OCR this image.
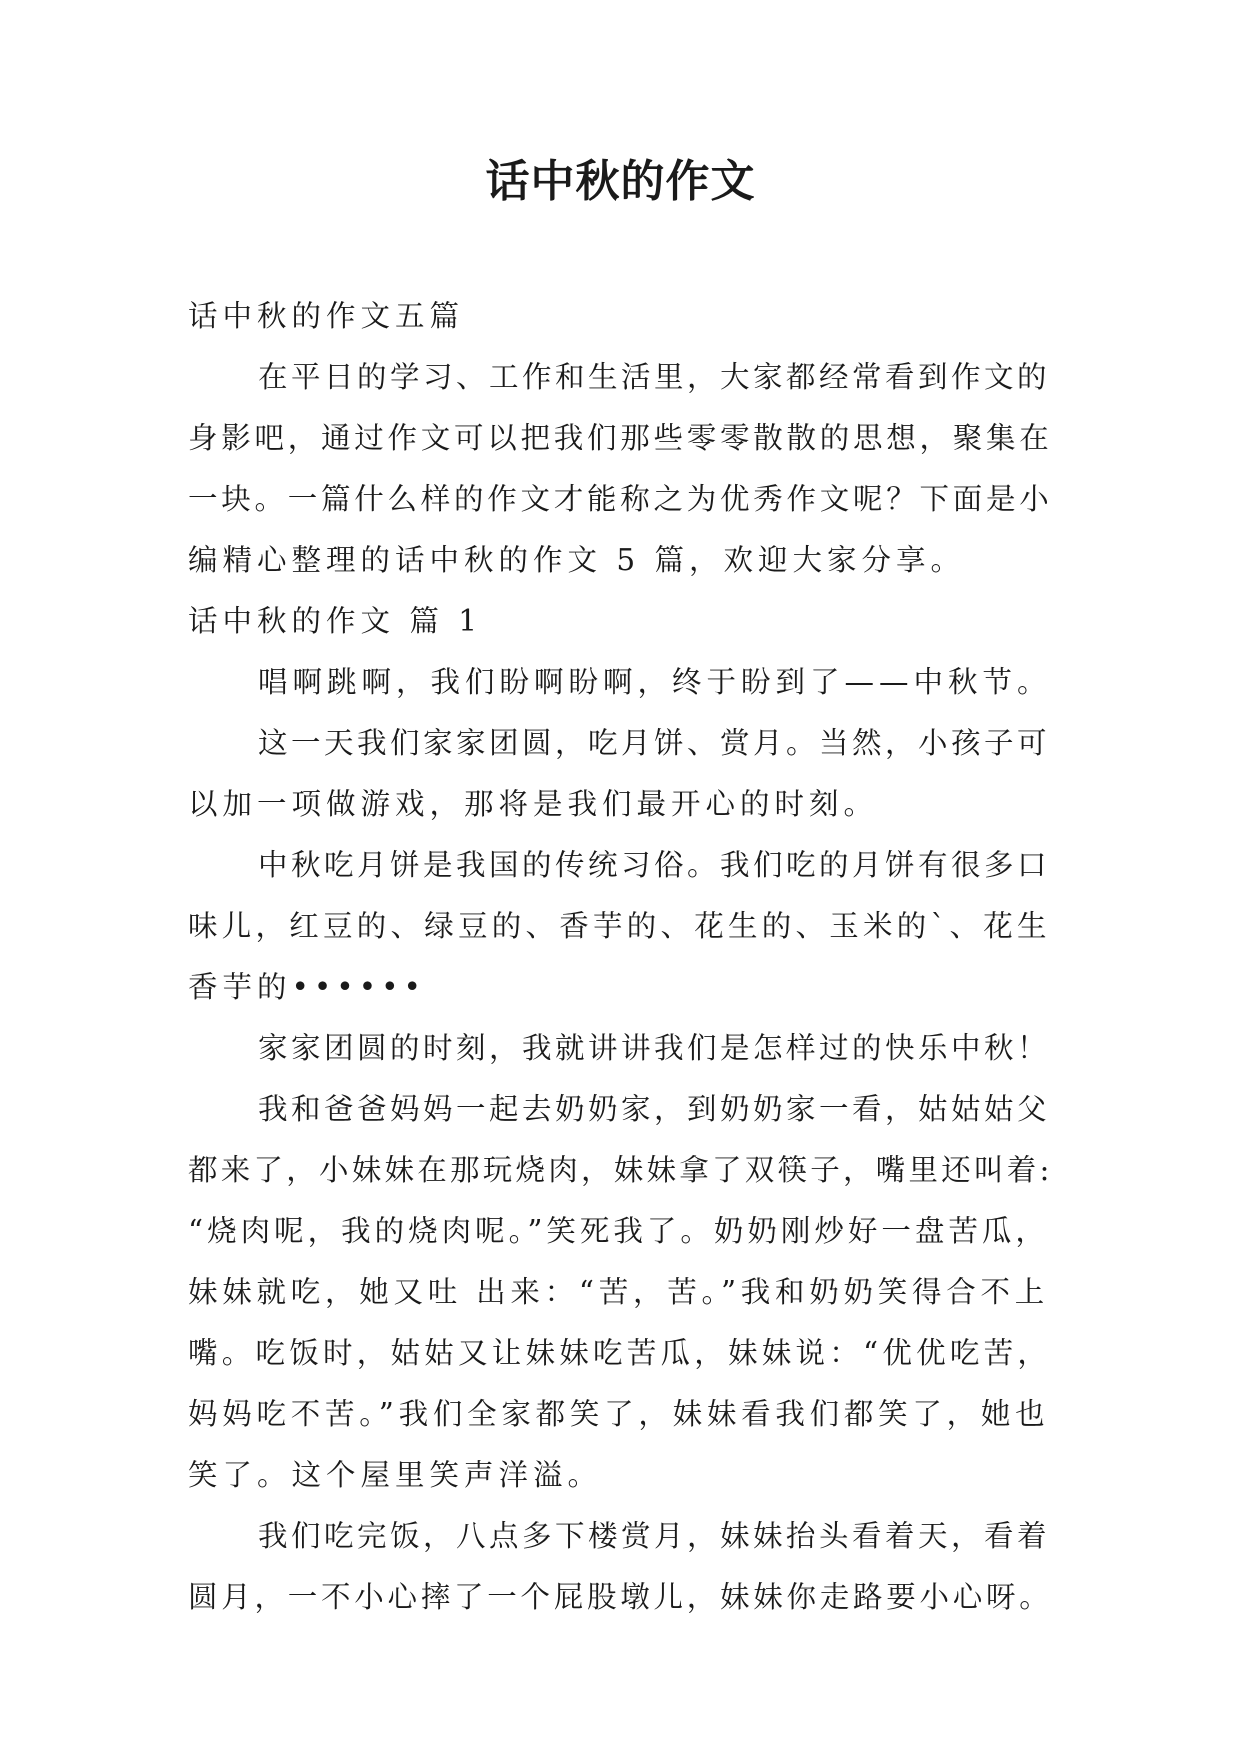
话中秋的作文
话中秋的作文五篇
在平日的学习、工作和生活里，大家都经常看到作文的
身影吧，通过作文可以把我们那些零零散散的思想，聚集在
一块。一篇什么样的作文才能称之为优秀作文呢？下面是小
编精心整理的话中秋的作文 5 篇，欢迎大家分享。
话中秋的作文 篇 1
唱啊跳啊，我们盼啊盼啊，终于盼到了——中秋节。
这一天我们家家团圆，吃月饼、赏月。当然，小孩子可
以加一项做游戏，那将是我们最开心的时刻。
中秋吃月饼是我国的传统习俗。我们吃的月饼有很多口
味儿，红豆的、绿豆的、香芋的、花生的、玉米的`、花生
香芋的••••••
家家团圆的时刻，我就讲讲我们是怎样过的快乐中秋！
我和爸爸妈妈一起去奶奶家，到奶奶家一看，姑姑姑父
都来了，小妹妹在那玩烧肉，妹妹拿了双筷子，嘴里还叫着:
“烧肉呢，我的烧肉呢。”笑死我了。奶奶刚炒好一盘苦瓜，
妹妹就吃，她又吐 出来：“苦，苦。”我和奶奶笑得合不上
嘴。吃饭时，姑姑又让妹妹吃苦瓜，妹妹说：“优优吃苦，
妈妈吃不苦。”我们全家都笑了，妹妹看我们都笑了，她也
笑了。这个屋里笑声洋溢。
我们吃完饭，八点多下楼赏月，妹妹抬头看着天，看着
圆月，一不小心摔了一个屁股墩儿，妹妹你走路要小心呀。
